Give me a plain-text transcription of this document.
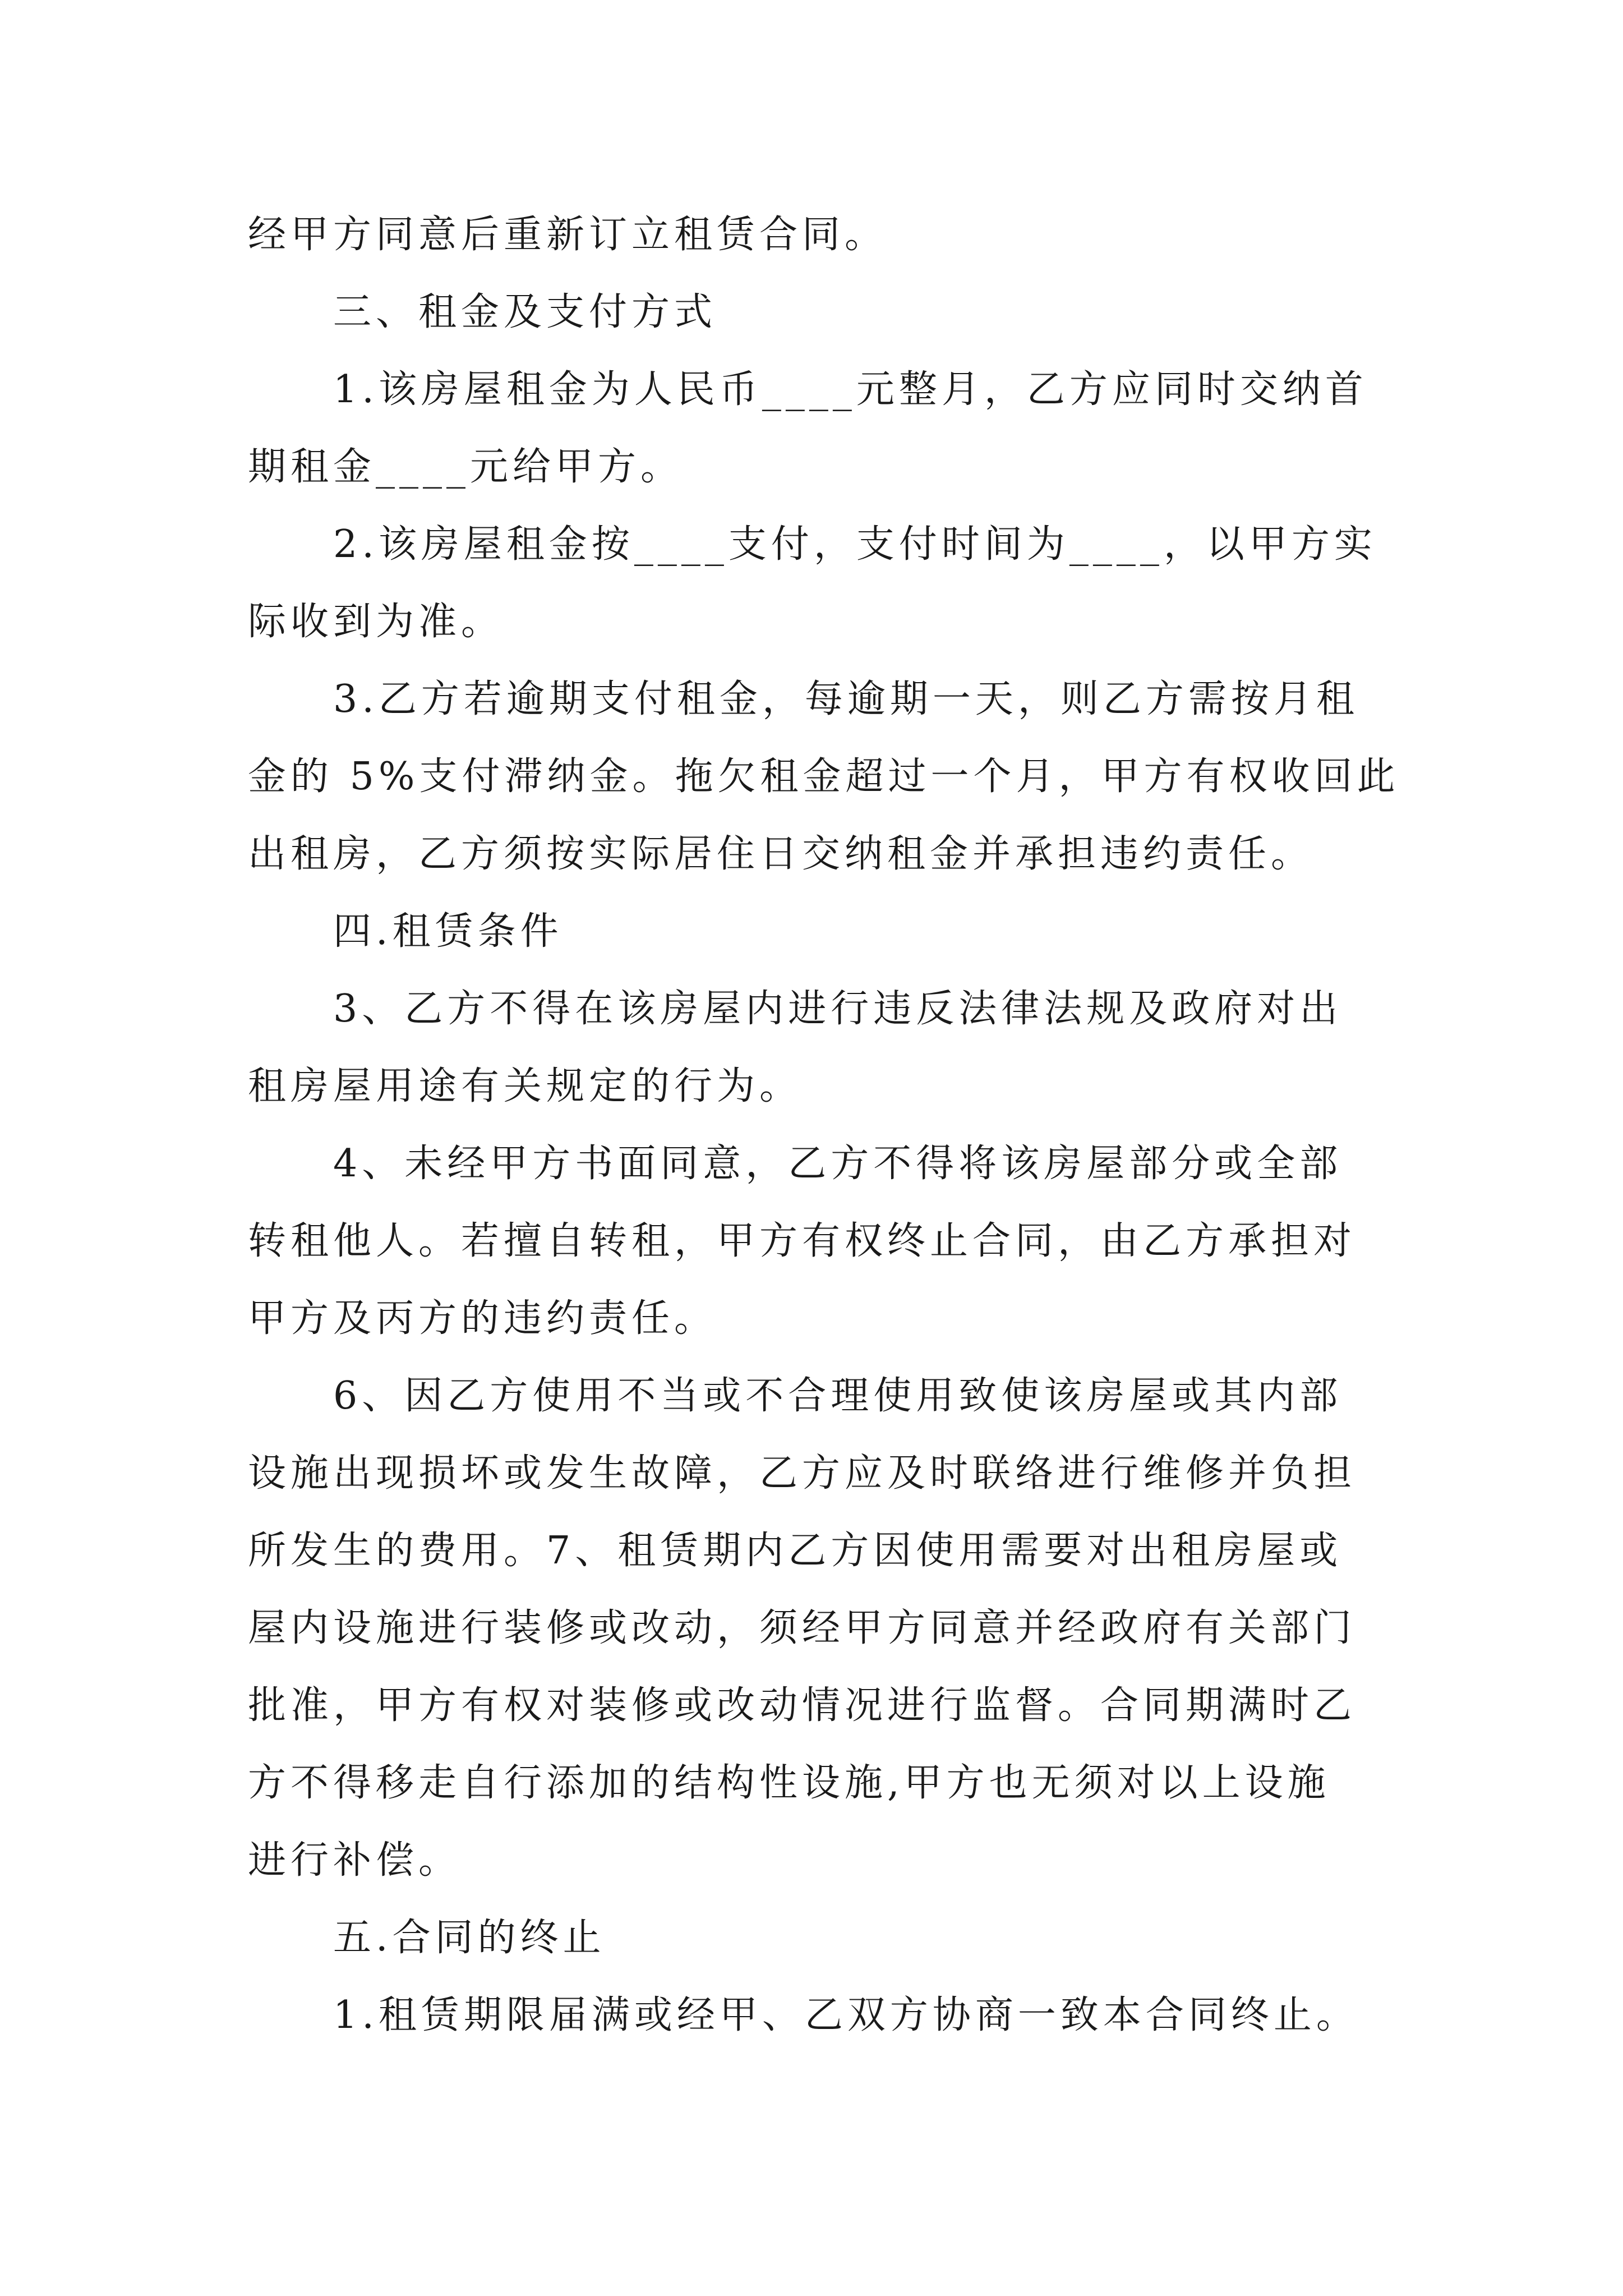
经甲方同意后重新订立租赁合同。
三、租金及支付方式
1.该房屋租金为人民币____元整月，乙方应同时交纳首
期租金____元给甲方。
2.该房屋租金按____支付，支付时间为____，以甲方实
际收到为准。
3.乙方若逾期支付租金，每逾期一天，则乙方需按月租
金的 5%支付滞纳金。拖欠租金超过一个月，甲方有权收回此
出租房，乙方须按实际居住日交纳租金并承担违约责任。
四.租赁条件
3、乙方不得在该房屋内进行违反法律法规及政府对出
租房屋用途有关规定的行为。
4、未经甲方书面同意，乙方不得将该房屋部分或全部
转租他人。若擅自转租，甲方有权终止合同，由乙方承担对
甲方及丙方的违约责任。
6、因乙方使用不当或不合理使用致使该房屋或其内部
设施出现损坏或发生故障，乙方应及时联络进行维修并负担
所发生的费用。7、租赁期内乙方因使用需要对出租房屋或
屋内设施进行装修或改动，须经甲方同意并经政府有关部门
批准，甲方有权对装修或改动情况进行监督。合同期满时乙
方不得移走自行添加的结构性设施,甲方也无须对以上设施
进行补偿。
五.合同的终止
1.租赁期限届满或经甲、乙双方协商一致本合同终止。
